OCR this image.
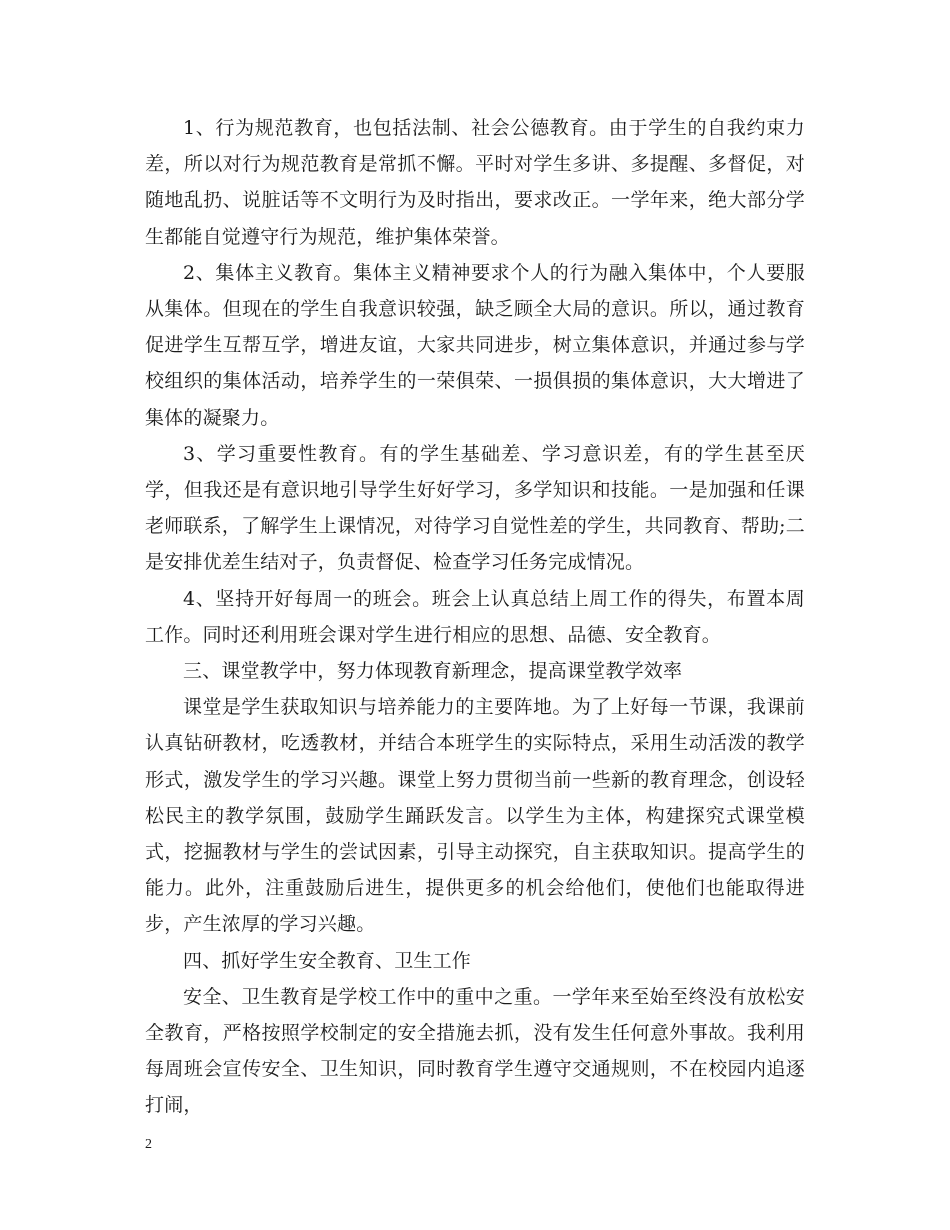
1、行为规范教育，也包括法制、社会公德教育。由于学生的自我约束力差，所以对行为规范教育是常抓不懈。平时对学生多讲、多提醒、多督促，对随地乱扔、说脏话等不文明行为及时指出，要求改正。一学年来，绝大部分学生都能自觉遵守行为规范，维护集体荣誉。

2、集体主义教育。集体主义精神要求个人的行为融入集体中，个人要服从集体。但现在的学生自我意识较强，缺乏顾全大局的意识。所以，通过教育促进学生互帮互学，增进友谊，大家共同进步，树立集体意识，并通过参与学校组织的集体活动，培养学生的一荣俱荣、一损俱损的集体意识，大大增进了集体的凝聚力。

3、学习重要性教育。有的学生基础差、学习意识差，有的学生甚至厌学，但我还是有意识地引导学生好好学习，多学知识和技能。一是加强和任课老师联系，了解学生上课情况，对待学习自觉性差的学生，共同教育、帮助;二是安排优差生结对子，负责督促、检查学习任务完成情况。

4、坚持开好每周一的班会。班会上认真总结上周工作的得失，布置本周工作。同时还利用班会课对学生进行相应的思想、品德、安全教育。

三、课堂教学中，努力体现教育新理念，提高课堂教学效率

课堂是学生获取知识与培养能力的主要阵地。为了上好每一节课，我课前认真钻研教材，吃透教材，并结合本班学生的实际特点，采用生动活泼的教学形式，激发学生的学习兴趣。课堂上努力贯彻当前一些新的教育理念，创设轻松民主的教学氛围，鼓励学生踊跃发言。以学生为主体，构建探究式课堂模式，挖掘教材与学生的尝试因素，引导主动探究，自主获取知识。提高学生的能力。此外，注重鼓励后进生，提供更多的机会给他们，使他们也能取得进步，产生浓厚的学习兴趣。

四、抓好学生安全教育、卫生工作

安全、卫生教育是学校工作中的重中之重。一学年来至始至终没有放松安全教育，严格按照学校制定的安全措施去抓，没有发生任何意外事故。我利用每周班会宣传安全、卫生知识，同时教育学生遵守交通规则，不在校园内追逐打闹，

2
